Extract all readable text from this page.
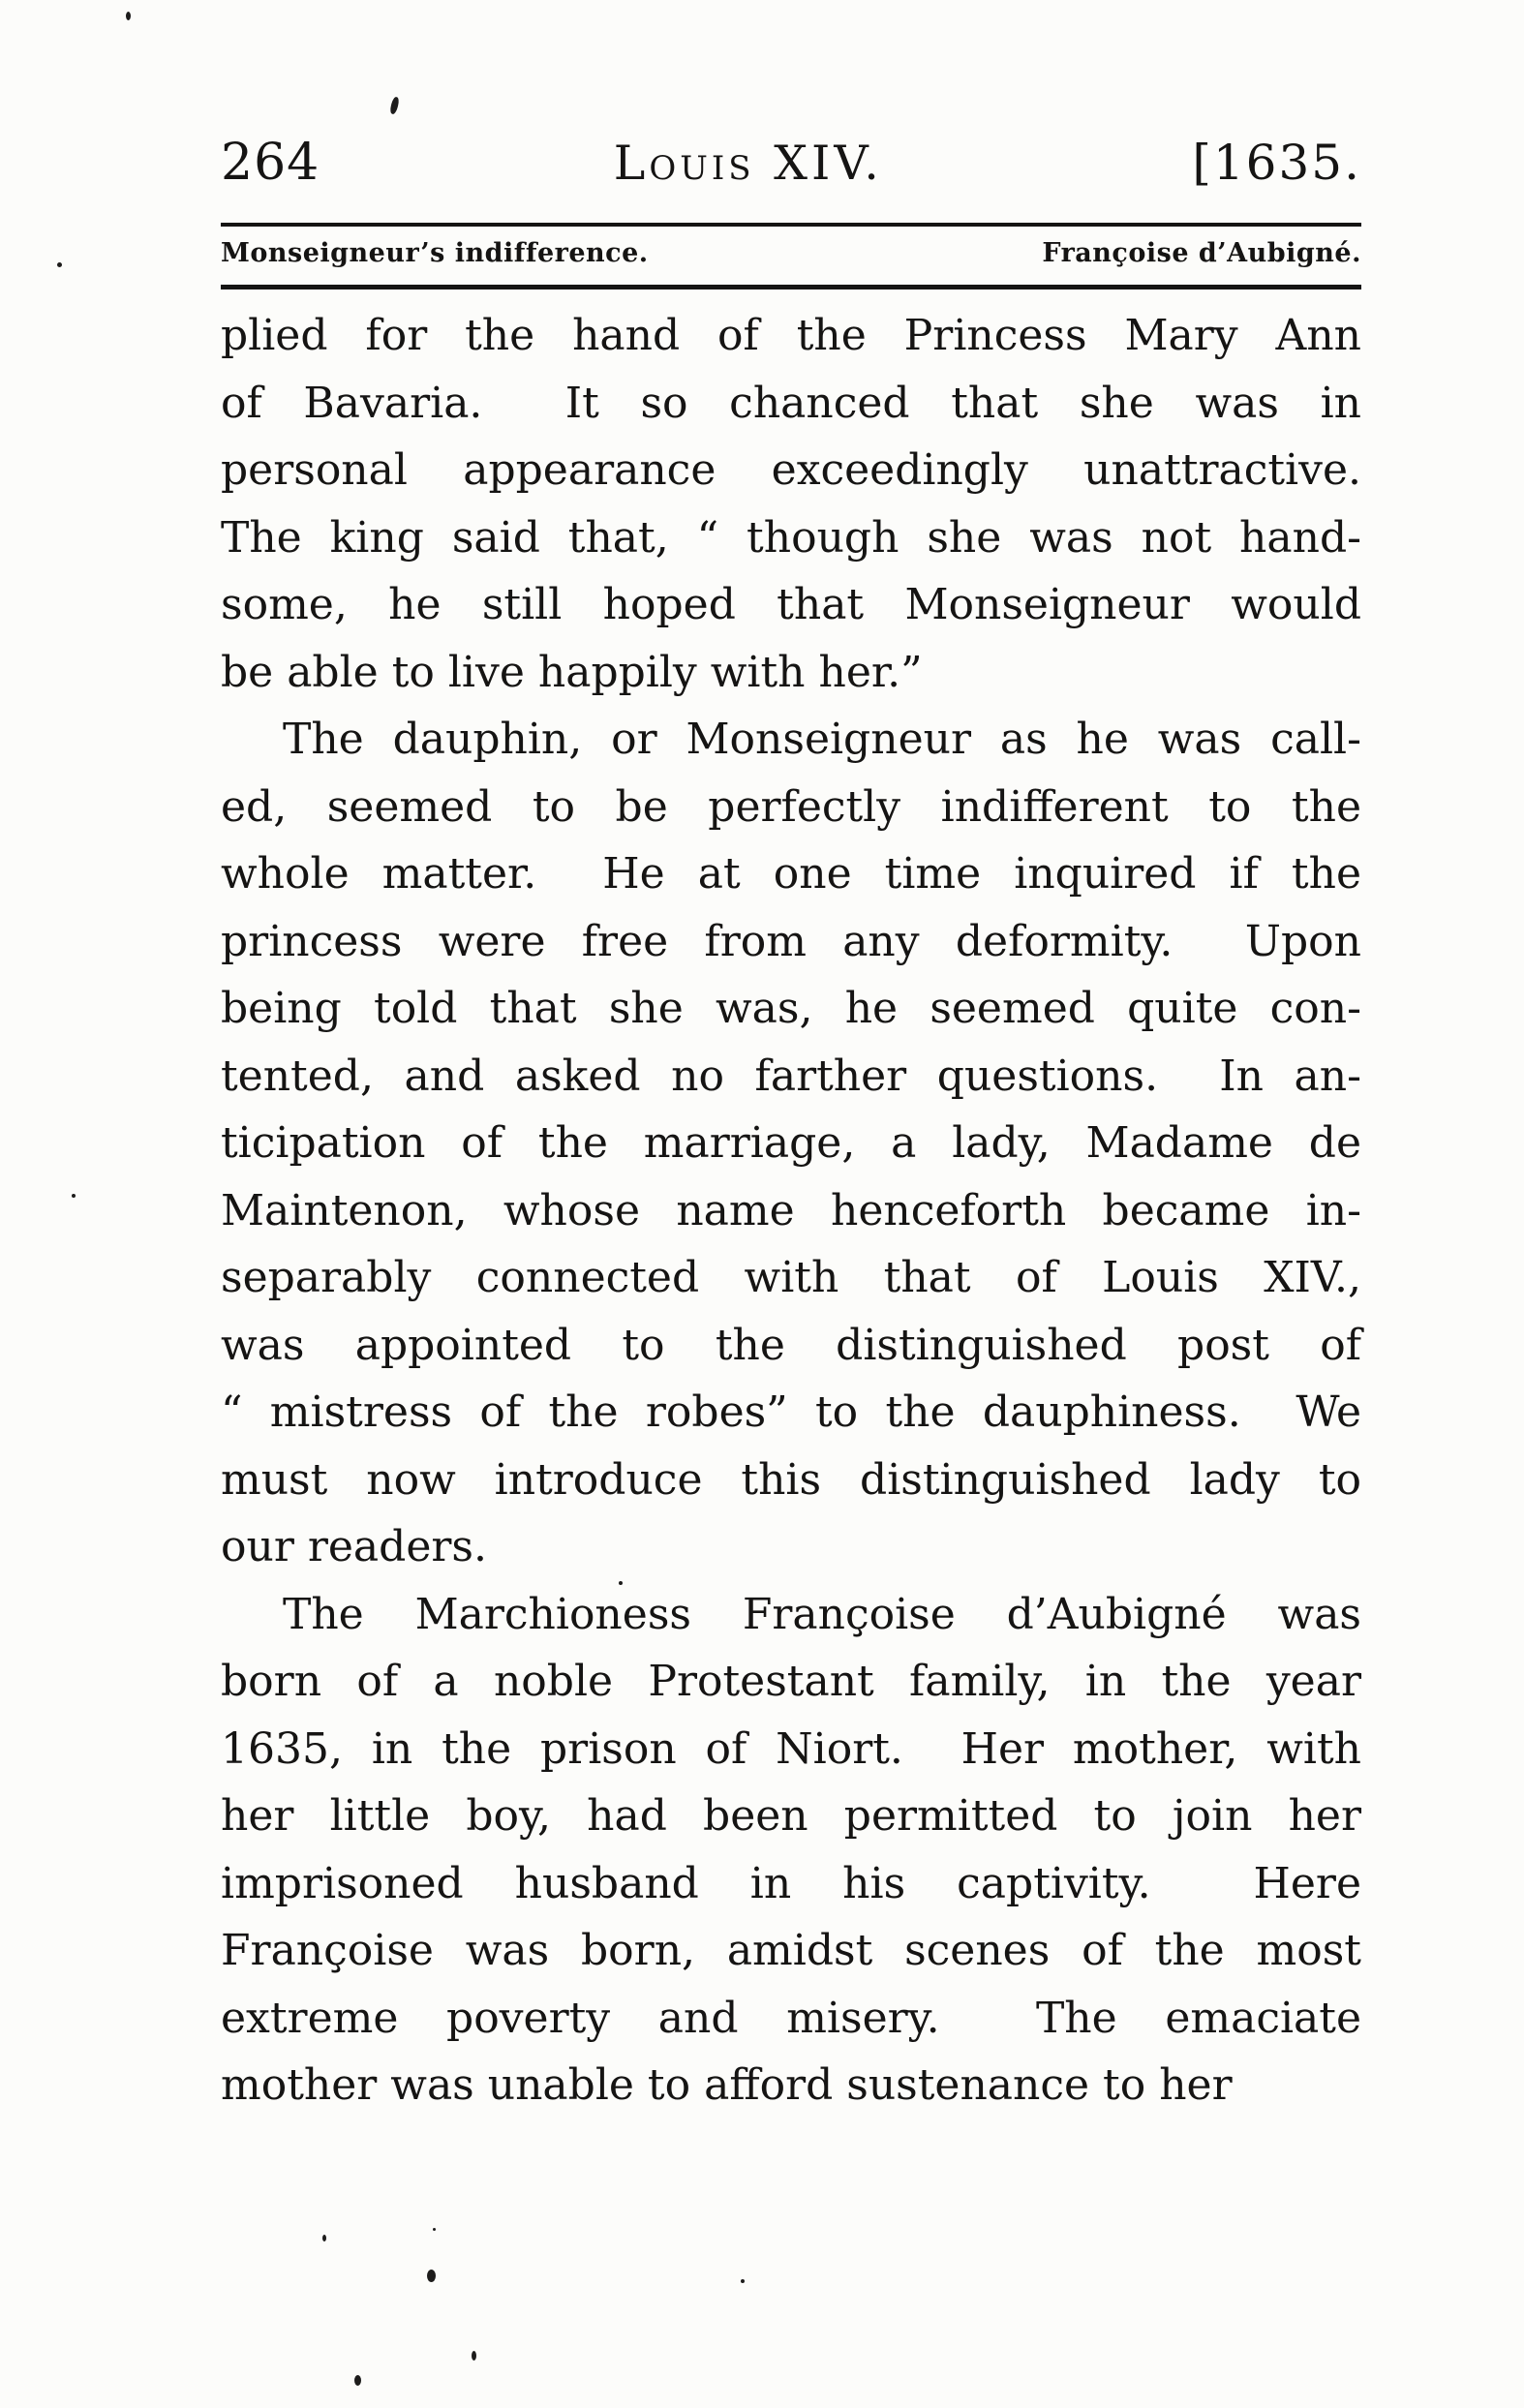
264	Louis XIV.	[1635.
Monseigneur’s indifference.	Françoise d’Aubigné.
plied for the hand of the Princess Mary Ann
of Bavaria.  It so chanced that she was in
personal appearance exceedingly unattractive.
The king said that, “ though she was not hand-
some, he still hoped that Monseigneur would
be able to live happily with her.”
The dauphin, or Monseigneur as he was call-
ed, seemed to be perfectly indifferent to the
whole matter.  He at one time inquired if the
princess were free from any deformity.  Upon
being told that she was, he seemed quite con-
tented, and asked no farther questions.  In an-
ticipation of the marriage, a lady, Madame de
Maintenon, whose name henceforth became in-
separably connected with that of Louis XIV.,
was appointed to the distinguished post of
“ mistress of the robes” to the dauphiness.  We
must now introduce this distinguished lady to
our readers.
The Marchioness Françoise d’Aubigné was
born of a noble Protestant family, in the year
1635, in the prison of Niort.  Her mother, with
her little boy, had been permitted to join her
imprisoned husband in his captivity.  Here
Françoise was born, amidst scenes of the most
extreme poverty and misery.  The emaciate
mother was unable to afford sustenance to her
